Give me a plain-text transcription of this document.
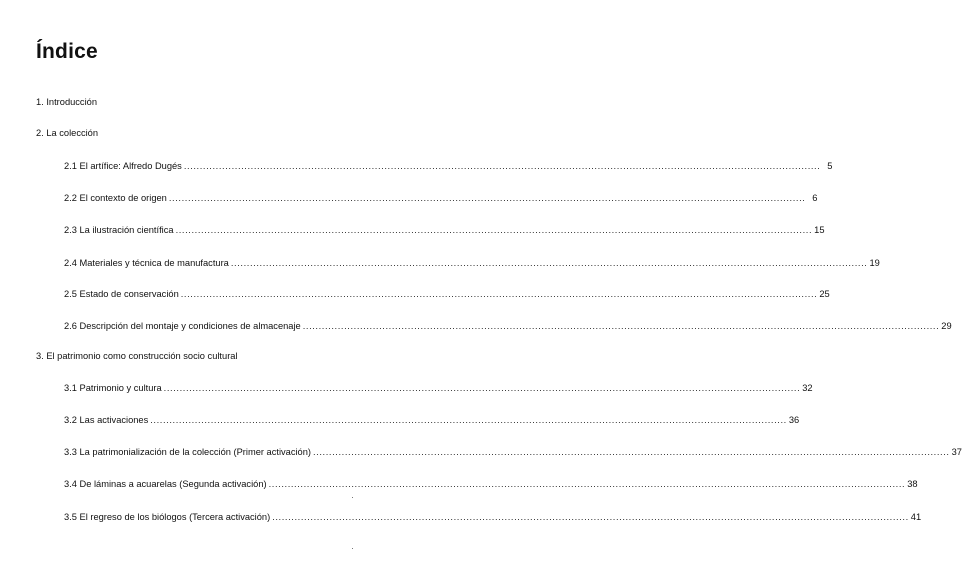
Índice
1. Introducción
2. La colección
2.1 El artífice: Alfredo Dugés ........................................................................................................................................................................................................ 5
2.2 El contexto de origen ........................................................................................................................................................................................................ 6
2.3 La ilustración científica ........................................................................................................................................................................................................ 15
2.4 Materiales y técnica de manufactura ........................................................................................................................................................................................................ 19
2.5 Estado de conservación ........................................................................................................................................................................................................ 25
2.6 Descripción del montaje y condiciones de almacenaje ........................................................................................................................................................................................................ 29
3. El patrimonio como construcción socio cultural
3.1 Patrimonio y cultura ........................................................................................................................................................................................................ 32
3.2 Las activaciones ........................................................................................................................................................................................................ 36
3.3 La patrimonialización de la colección (Primer activación) ........................................................................................................................................................................................................ 37
3.4 De láminas a acuarelas (Segunda activación) ........................................................................................................................................................................................................ 38
3.5 El regreso de los biólogos (Tercera activación) ........................................................................................................................................................................................................ 41
